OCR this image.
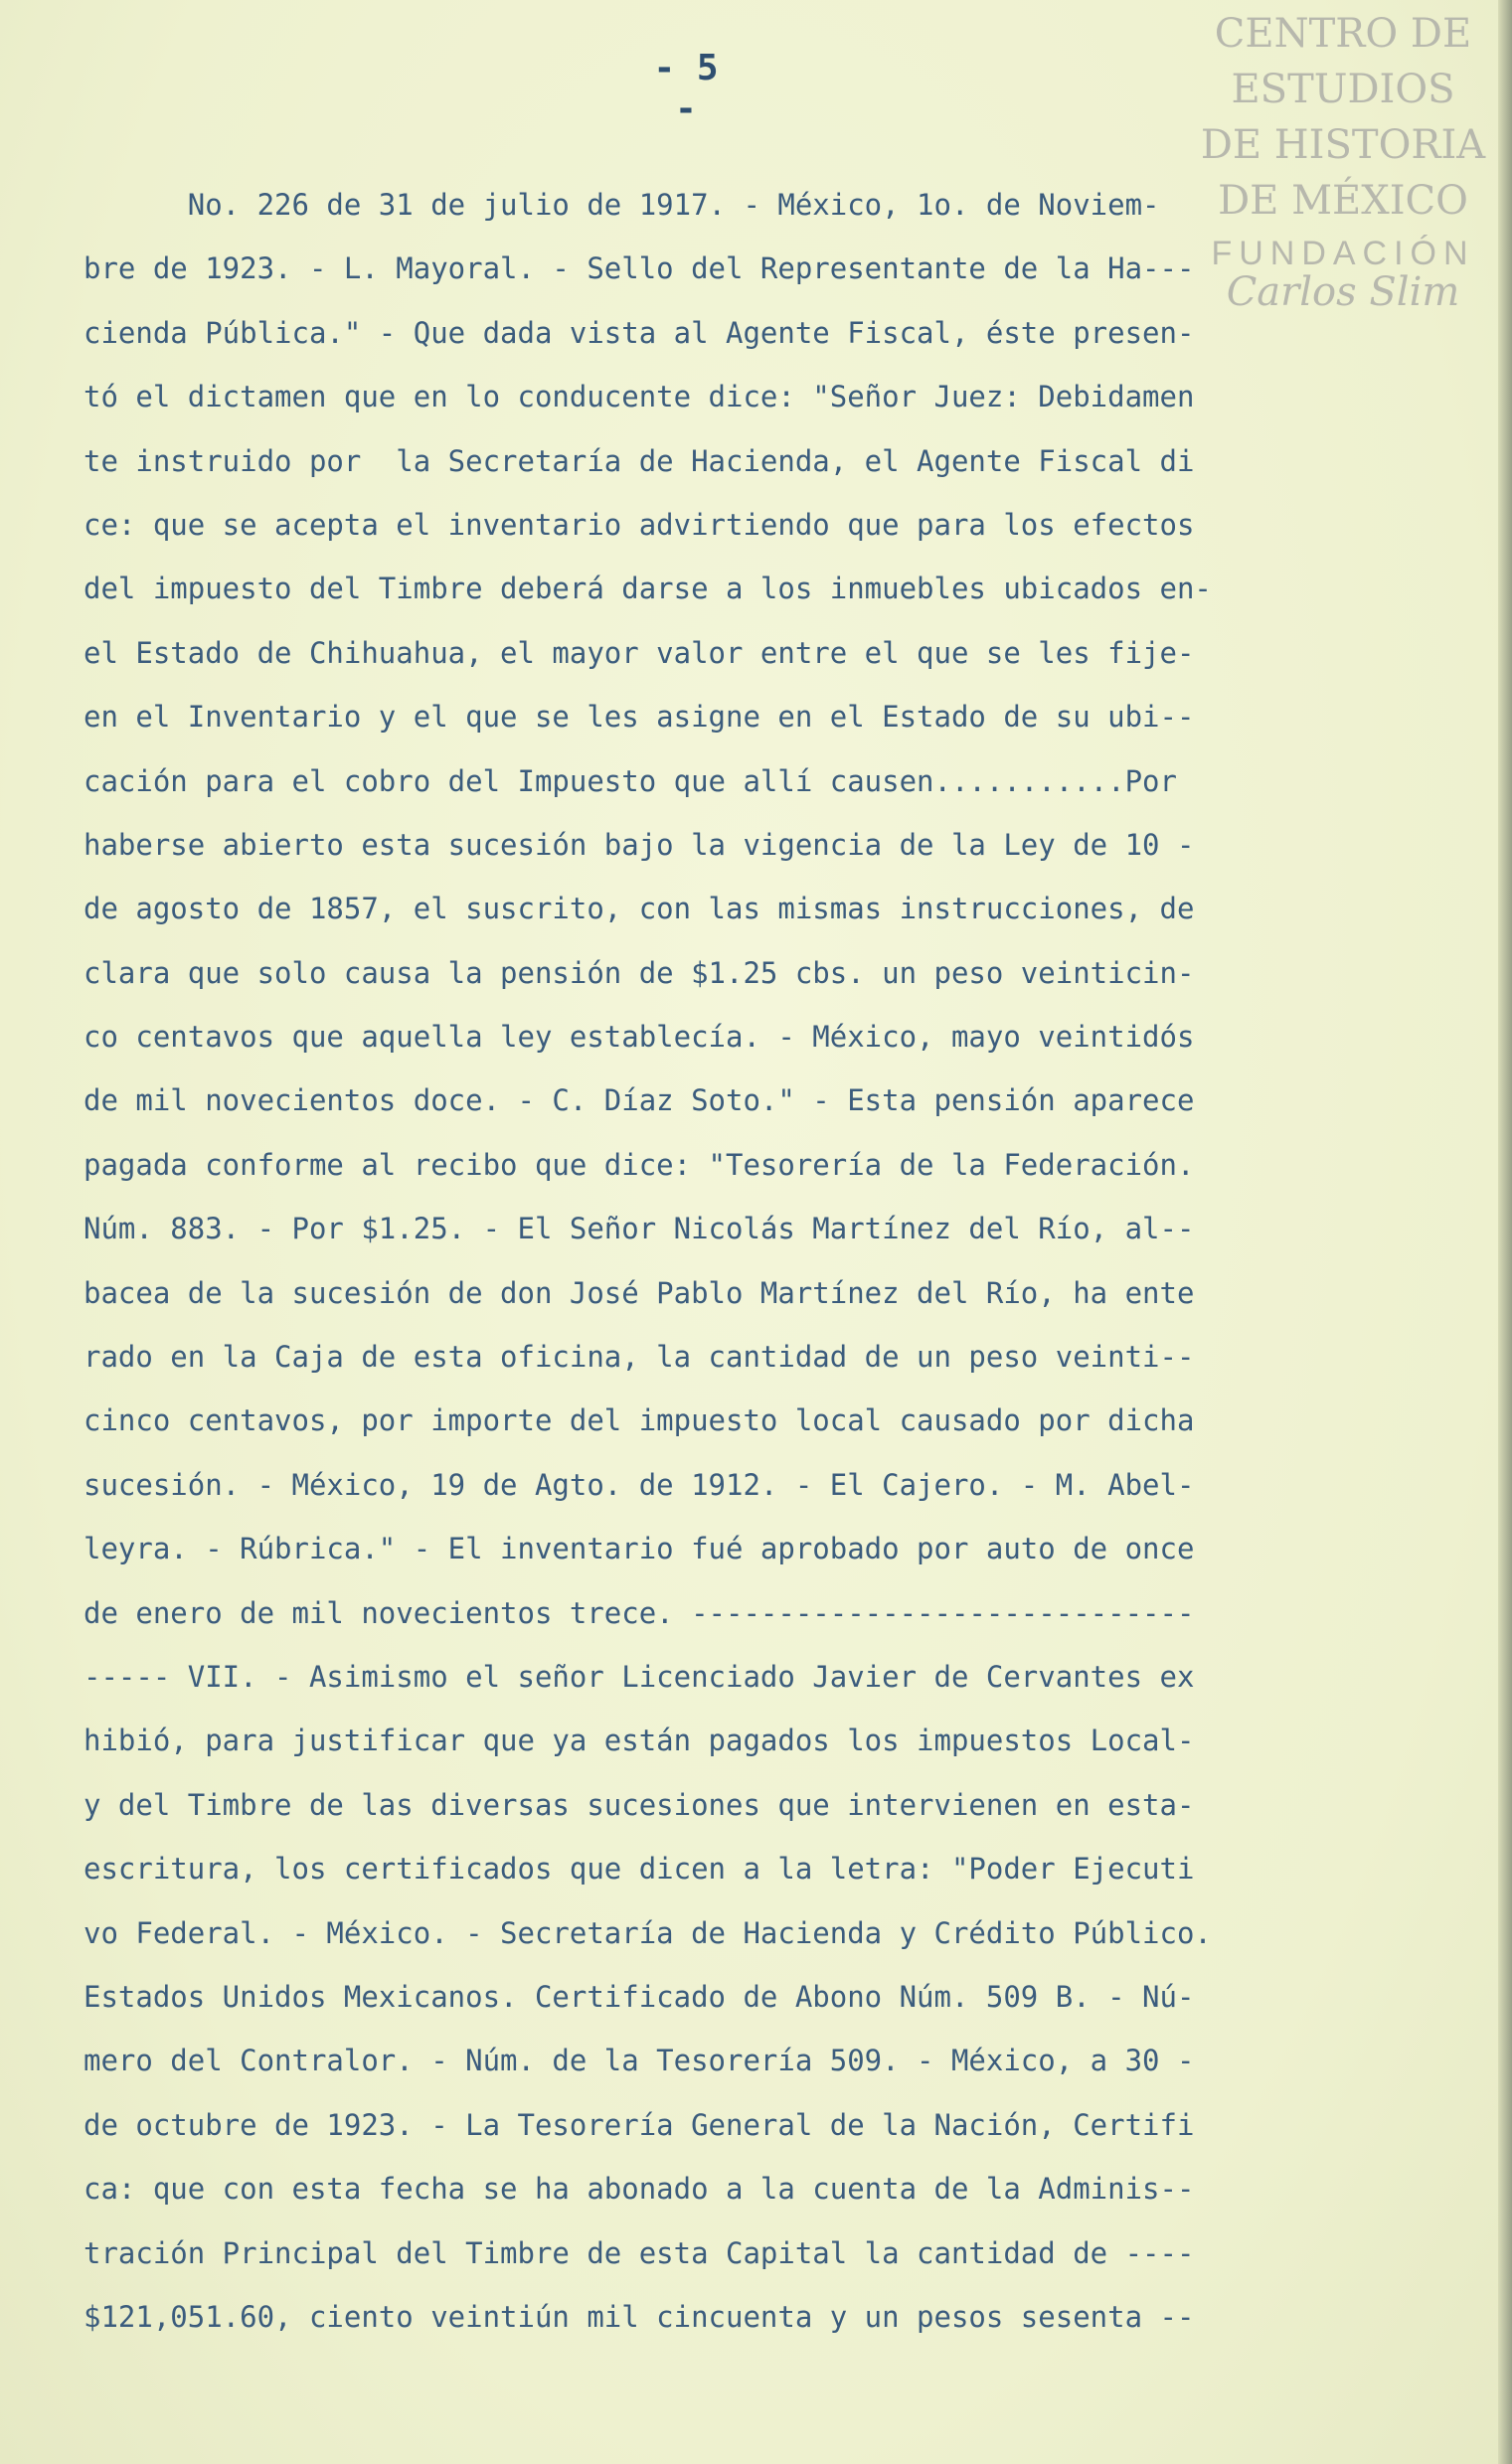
CENTRO DE
ESTUDIOS
DE HISTORIA
DE MÉXICO
FUNDACIÓN
Carlos Slim
- 5 -
No. 226 de 31 de julio de 1917. - México, 1o. de Noviem-
bre de 1923. - L. Mayoral. - Sello del Representante de la Ha---
cienda Pública." - Que dada vista al Agente Fiscal, éste presen-
tó el dictamen que en lo conducente dice: "Señor Juez: Debidamen
te instruido por  la Secretaría de Hacienda, el Agente Fiscal di
ce: que se acepta el inventario advirtiendo que para los efectos
del impuesto del Timbre deberá darse a los inmuebles ubicados en-
el Estado de Chihuahua, el mayor valor entre el que se les fije-
en el Inventario y el que se les asigne en el Estado de su ubi--
cación para el cobro del Impuesto que allí causen...........Por
haberse abierto esta sucesión bajo la vigencia de la Ley de 10 -
de agosto de 1857, el suscrito, con las mismas instrucciones, de
clara que solo causa la pensión de $1.25 cbs. un peso veinticin-
co centavos que aquella ley establecía. - México, mayo veintidós
de mil novecientos doce. - C. Díaz Soto." - Esta pensión aparece
pagada conforme al recibo que dice: "Tesorería de la Federación.
Núm. 883. - Por $1.25. - El Señor Nicolás Martínez del Río, al--
bacea de la sucesión de don José Pablo Martínez del Río, ha ente
rado en la Caja de esta oficina, la cantidad de un peso veinti--
cinco centavos, por importe del impuesto local causado por dicha
sucesión. - México, 19 de Agto. de 1912. - El Cajero. - M. Abel-
leyra. - Rúbrica." - El inventario fué aprobado por auto de once
de enero de mil novecientos trece. -----------------------------
----- VII. - Asimismo el señor Licenciado Javier de Cervantes ex
hibió, para justificar que ya están pagados los impuestos Local-
y del Timbre de las diversas sucesiones que intervienen en esta-
escritura, los certificados que dicen a la letra: "Poder Ejecuti
vo Federal. - México. - Secretaría de Hacienda y Crédito Público.
Estados Unidos Mexicanos. Certificado de Abono Núm. 509 B. - Nú-
mero del Contralor. - Núm. de la Tesorería 509. - México, a 30 -
de octubre de 1923. - La Tesorería General de la Nación, Certifi
ca: que con esta fecha se ha abonado a la cuenta de la Adminis--
tración Principal del Timbre de esta Capital la cantidad de ----
$121,051.60, ciento veintiún mil cincuenta y un pesos sesenta --
